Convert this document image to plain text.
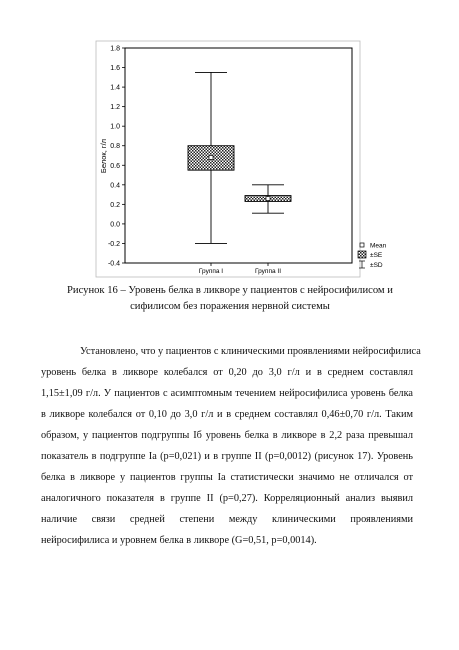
-0.4
-0.2
0.0
0.2
0.4
0.6
0.8
1.0
1.2
1.4
1.6
1.8
Белок, г/л
Группа I	Группа II
Mean
±SE
±SD
Рисунок 16 – Уровень белка в ликворе у пациентов с нейросифилисом и
сифилисом без поражения нервной системы
Установлено, что у пациентов с клиническими проявлениями нейросифилиса
уровень белка в ликворе колебался от 0,20 до 3,0 г/л и в среднем составлял
1,15±1,09 г/л. У пациентов с асимптомным течением нейросифилиса уровень белка
в ликворе колебался от 0,10 до 3,0 г/л и в среднем составлял 0,46±0,70 г/л. Таким
образом, у пациентов подгруппы Iб уровень белка в ликворе в 2,2 раза превышал
показатель в подгруппе Iа (р=0,021) и в группе II (р=0,0012) (рисунок 17). Уровень
белка в ликворе у пациентов группы Iа статистически значимо не отличался от
аналогичного показателя в группе II (р=0,27). Корреляционный анализ выявил
наличие связи средней степени между клиническими проявлениями
нейросифилиса и уровнем белка в ликворе (G=0,51, р=0,0014).
